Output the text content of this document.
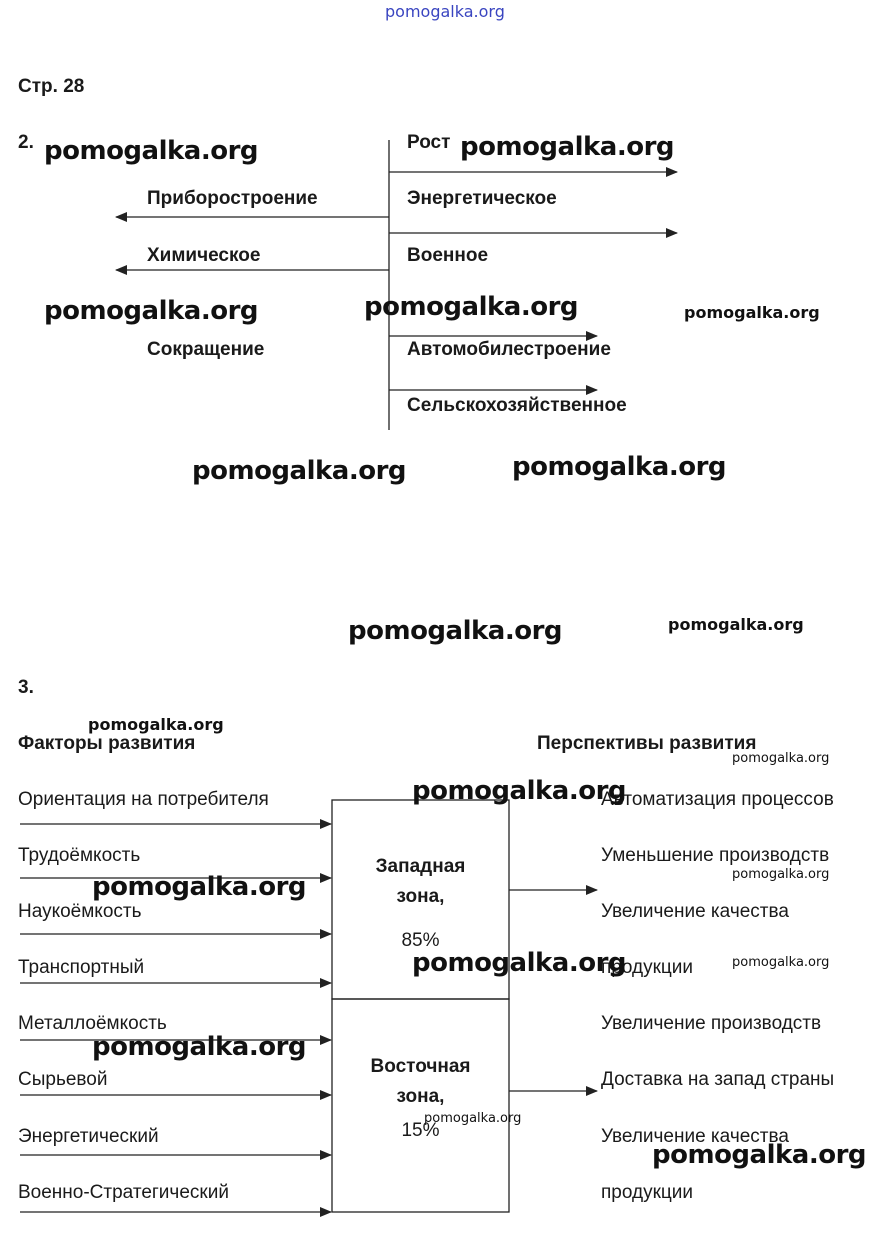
pomogalka.org
Стр. 28
2.	Рост
Приборостроение	Энергетическое
Химическое	Военное
Сокращение	Автомобилестроение
Сельскохозяйственное
3.
Факторы развития	Перспективы развития
Ориентация на потребителя
Трудоёмкость
Наукоёмкость
Транспортный
Металлоёмкость
Сырьевой
Энергетический
Военно-Стратегический
Западная
зона,
85%
Восточная
зона,
15%
Автоматизация процессов
Уменьшение производств
Увеличение качества
продукции
Увеличение производств
Доставка на запад страны
Увеличение качества
продукции
pomogalka.org	pomogalka.org
pomogalka.org	pomogalka.org	pomogalka.org
pomogalka.org	pomogalka.org
pomogalka.org	pomogalka.org
pomogalka.org
pomogalka.org
pomogalka.org
pomogalka.org
pomogalka.org
pomogalka.org	pomogalka.org
pomogalka.org
pomogalka.org
pomogalka.org
